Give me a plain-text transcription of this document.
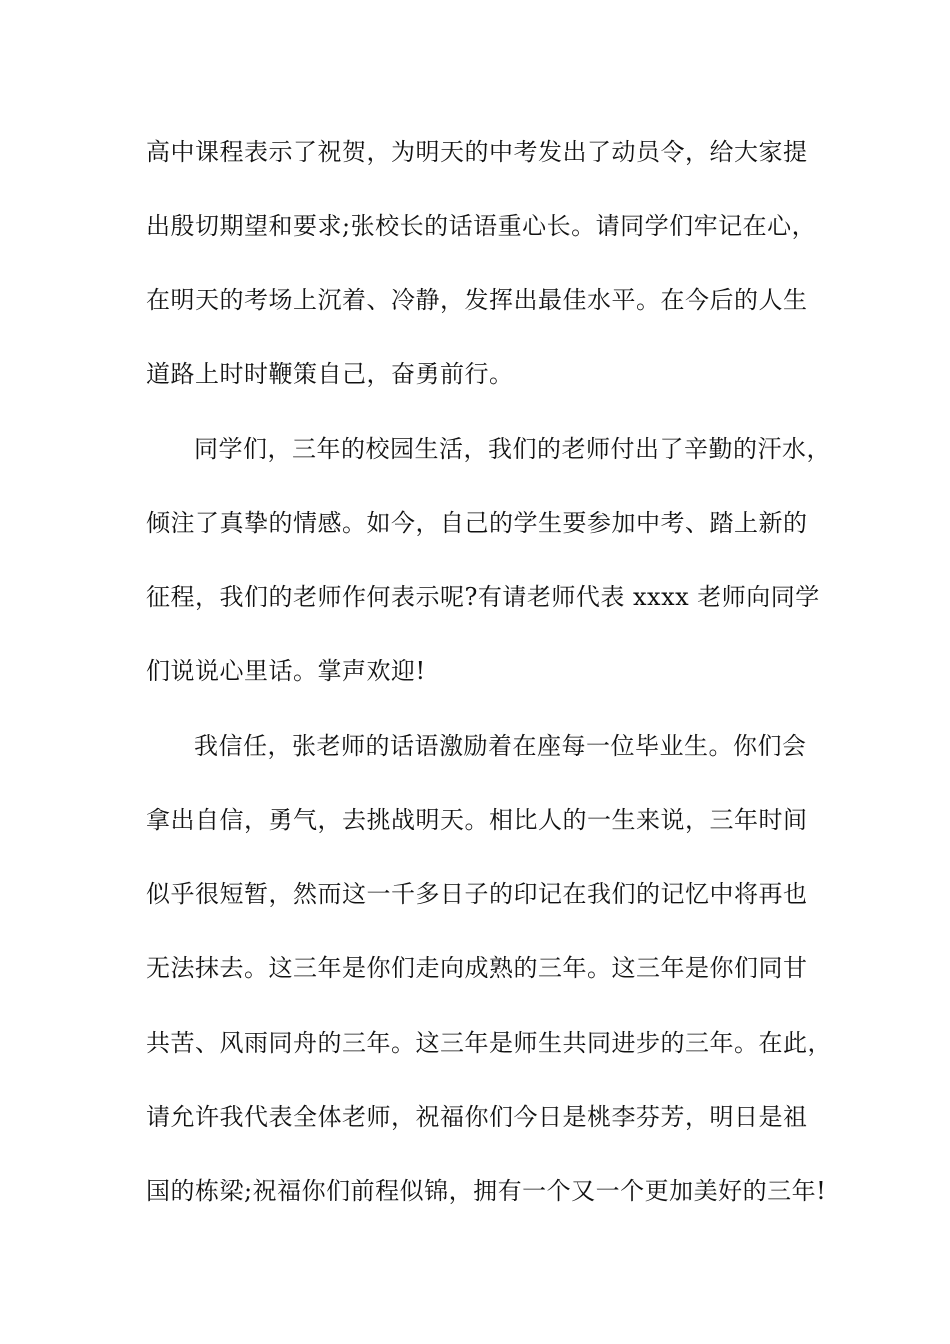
高中课程表示了祝贺，为明天的中考发出了动员令，给大家提
出殷切期望和要求;张校长的话语重心长。请同学们牢记在心，
在明天的考场上沉着、冷静，发挥出最佳水平。在今后的人生
道路上时时鞭策自己，奋勇前行。
同学们，三年的校园生活，我们的老师付出了辛勤的汗水，
倾注了真挚的情感。如今，自己的学生要参加中考、踏上新的
征程，我们的老师作何表示呢?有请老师代表 xxxx 老师向同学
们说说心里话。掌声欢迎!
我信任，张老师的话语激励着在座每一位毕业生。你们会
拿出自信，勇气，去挑战明天。相比人的一生来说，三年时间
似乎很短暂，然而这一千多日子的印记在我们的记忆中将再也
无法抹去。这三年是你们走向成熟的三年。这三年是你们同甘
共苦、风雨同舟的三年。这三年是师生共同进步的三年。在此，
请允许我代表全体老师，祝福你们今日是桃李芬芳，明日是祖
国的栋梁;祝福你们前程似锦，拥有一个又一个更加美好的三年!
